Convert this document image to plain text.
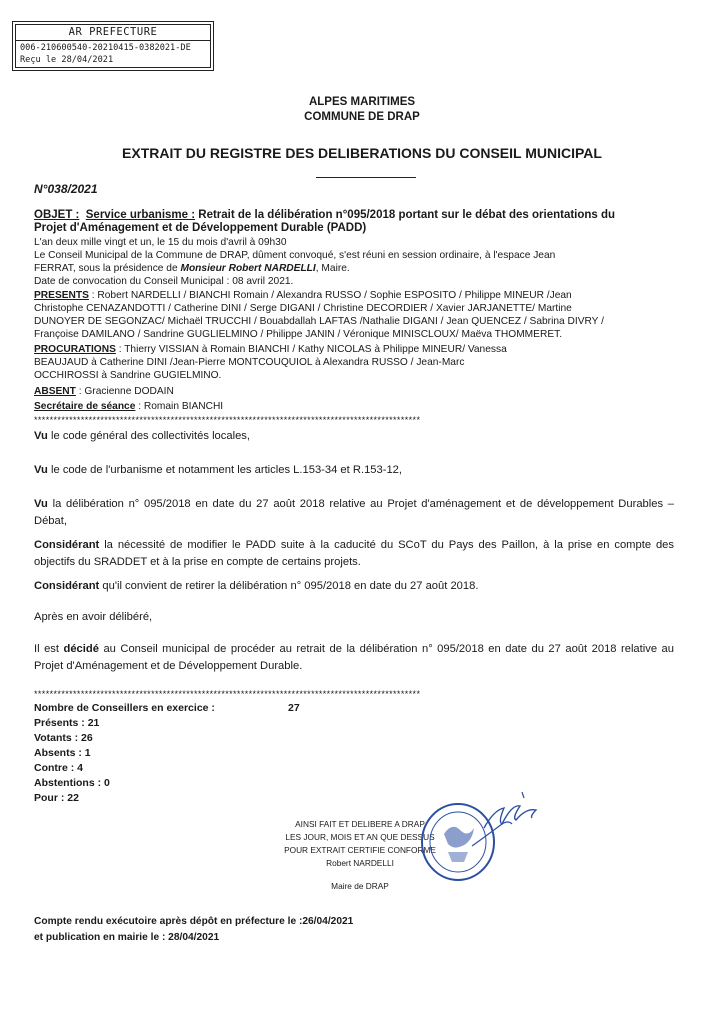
AR PREFECTURE
006-210600540-20210415-0382021-DE
Reçu le 28/04/2021
ALPES MARITIMES
COMMUNE DE DRAP
EXTRAIT DU REGISTRE DES DELIBERATIONS DU CONSEIL MUNICIPAL
N°038/2021
OBJET : Service urbanisme : Retrait de la délibération n°095/2018 portant sur le débat des orientations du
Projet d'Aménagement et de Développement Durable (PADD)
L'an deux mille vingt et un, le 15 du mois d'avril à 09h30
Le Conseil Municipal de la Commune de DRAP, dûment convoqué, s'est réuni en session ordinaire, à l'espace Jean
FERRAT, sous la présidence de Monsieur Robert NARDELLI, Maire.
Date de convocation du Conseil Municipal : 08 avril 2021.
PRESENTS : Robert NARDELLI / BIANCHI Romain / Alexandra RUSSO / Sophie ESPOSITO / Philippe MINEUR /Jean
Christophe CENAZANDOTTI / Catherine DINI / Serge DIGANI / Christine DECORDIER / Xavier JARJANETTE/ Martine
DUNOYER DE SEGONZAC/ Michaël TRUCCHI / Bouabdallah LAFTAS /Nathalie DIGANI / Jean QUENCEZ / Sabrina DIVRY /
Françoise DAMILANO / Sandrine GUGLIELMINO / Philippe JANIN / Véronique MINISCLOUX/ Maëva THOMMERET.
PROCURATIONS : Thierry VISSIAN à Romain BIANCHI / Kathy NICOLAS à Philippe MINEUR/ Vanessa
BEAUJAUD à Catherine DINI /Jean-Pierre MONTCOUQUIOL à Alexandra RUSSO / Jean-Marc
OCCHIROSSI à Sandrine GUGIELMINO.
ABSENT : Gracienne DODAIN
Secrétaire de séance : Romain BIANCHI
***************************************************************************************************
Vu le code général des collectivités locales,
Vu le code de l'urbanisme et notamment les articles L.153-34 et R.153-12,
Vu la délibération n° 095/2018 en date du 27 août 2018 relative au Projet d'aménagement et de développement Durables – Débat,
Considérant la nécessité de modifier le PADD suite à la caducité du SCoT du Pays des Paillon, à la prise en compte des objectifs du SRADDET et à la prise en compte de certains projets.
Considérant qu'il convient de retirer la délibération n° 095/2018 en date du 27 août 2018.
Après en avoir délibéré,
Il est décidé au Conseil municipal de procéder au retrait de la délibération n° 095/2018 en date du 27 août 2018 relative au Projet d'Aménagement et de Développement Durable.
***************************************************************************************************
Nombre de Conseillers en exercice :	27
Présents : 21
Votants : 26
Absents : 1
Contre : 4
Abstentions : 0
Pour : 22
AINSI FAIT ET DELIBERE A DRAP
LES JOUR, MOIS ET AN QUE DESSUS
POUR EXTRAIT CERTIFIE CONFORME
Robert NARDELLI
Maire de DRAP
Compte rendu exécutoire après dépôt en préfecture le :26/04/2021
et publication en mairie le : 28/04/2021
